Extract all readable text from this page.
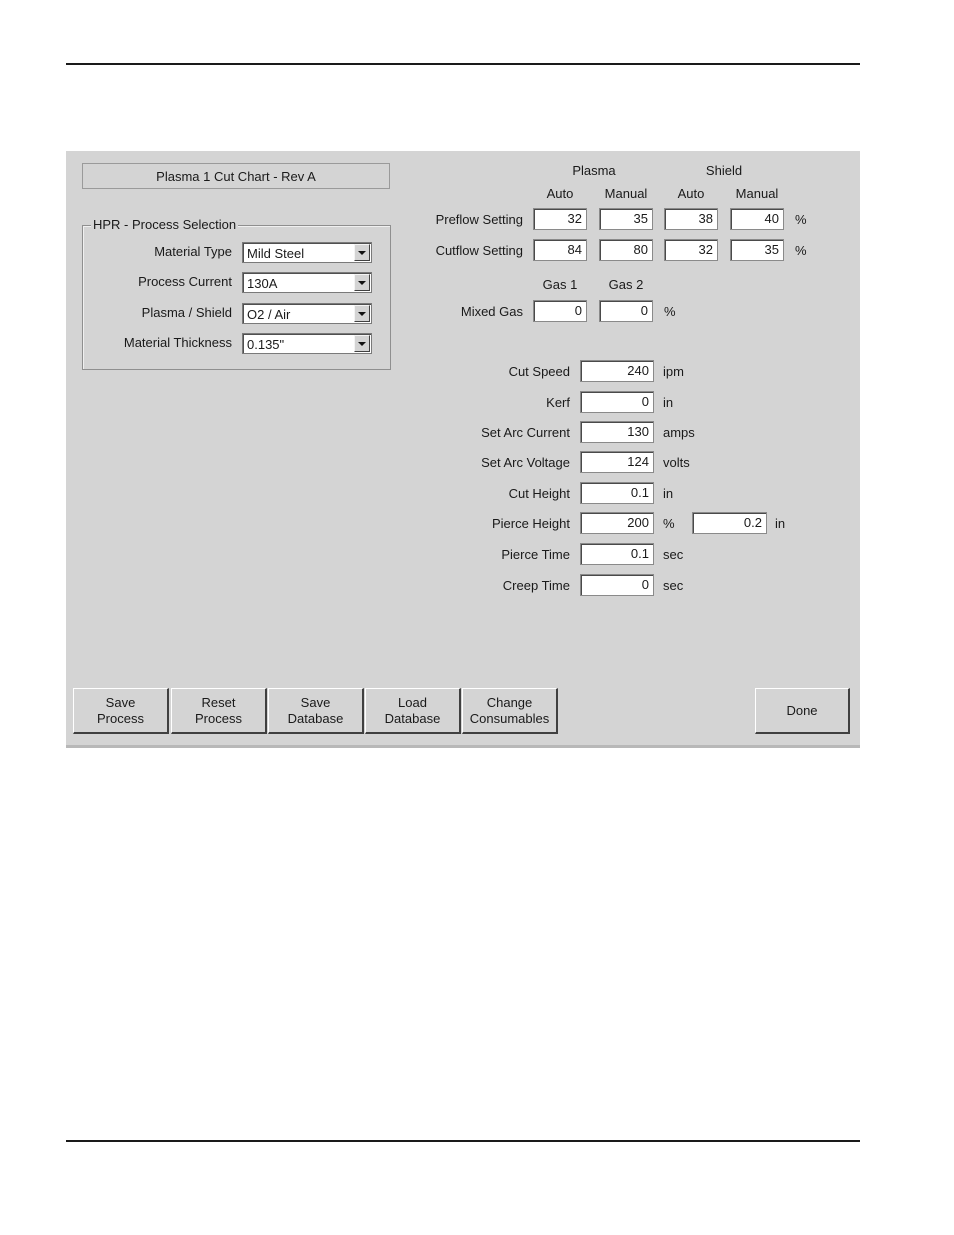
Plasma 1 Cut Chart - Rev A
HPR - Process Selection
Material Type Mild Steel
Process Current 130A
Plasma / Shield O2 / Air
Material Thickness 0.135"
Plasma	Shield
Auto	Manual	Auto	Manual
Preflow Setting	32	35	38	40	%
Cutflow Setting	84	80	32	35	%
Gas 1	Gas 2
Mixed Gas	0	0	%
Cut Speed	240	ipm
Kerf	0	in
Set Arc Current	130	amps
Set Arc Voltage	124	volts
Cut Height	0.1	in
Pierce Height	200	%	0.2	in
Pierce Time	0.1	sec
Creep Time	0	sec
Save
Process
Reset
Process
Save
Database
Load
Database
Change
Consumables
Done
